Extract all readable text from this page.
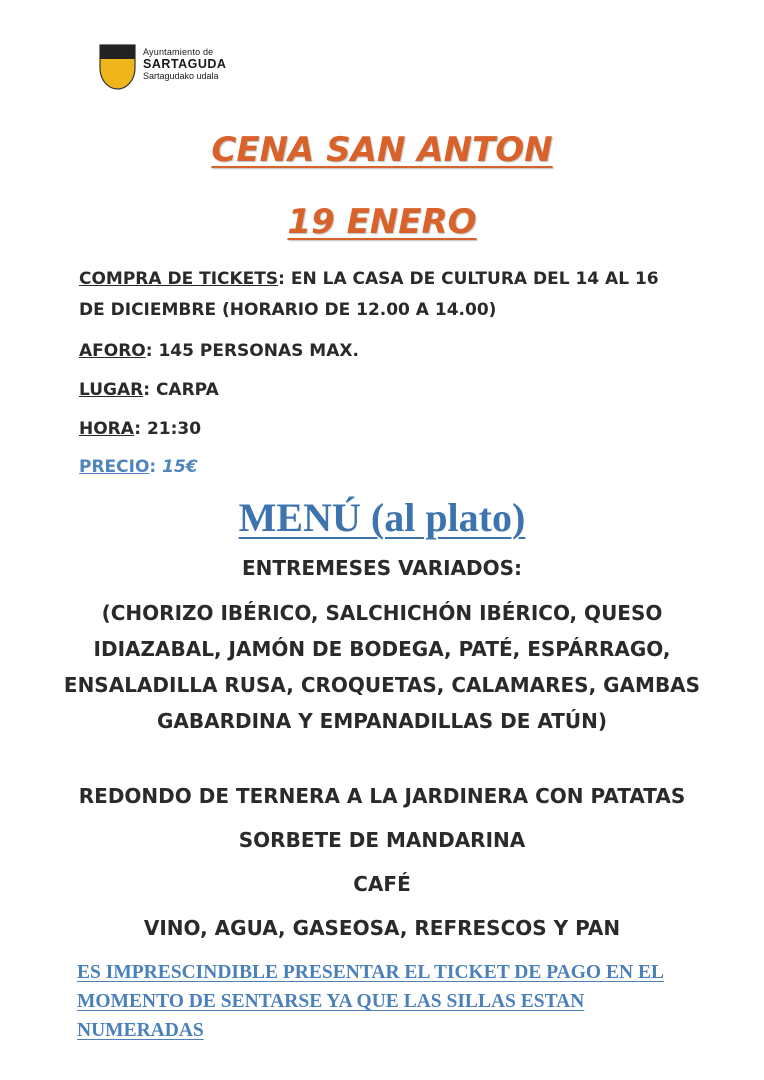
Ayuntamiento de
SARTAGUDA
Sartagudako udala
CENA SAN ANTON
19 ENERO

COMPRA DE TICKETS: EN LA CASA DE CULTURA DEL 14 AL 16 DE DICIEMBRE (HORARIO DE 12.00 A 14.00)

AFORO: 145 PERSONAS MAX.

LUGAR: CARPA

HORA: 21:30

PRECIO: 15€

MENÚ (al plato)

ENTREMESES VARIADOS:

(CHORIZO IBÉRICO, SALCHICHÓN IBÉRICO, QUESO IDIAZABAL, JAMÓN DE BODEGA, PATÉ, ESPÁRRAGO, ENSALADILLA RUSA, CROQUETAS, CALAMARES, GAMBAS GABARDINA Y EMPANADILLAS DE ATÚN)

REDONDO DE TERNERA A LA JARDINERA CON PATATAS

SORBETE DE MANDARINA

CAFÉ

VINO, AGUA, GASEOSA, REFRESCOS Y PAN

ES IMPRESCINDIBLE PRESENTAR EL TICKET DE PAGO EN EL MOMENTO DE SENTARSE YA QUE LAS SILLAS ESTAN NUMERADAS
